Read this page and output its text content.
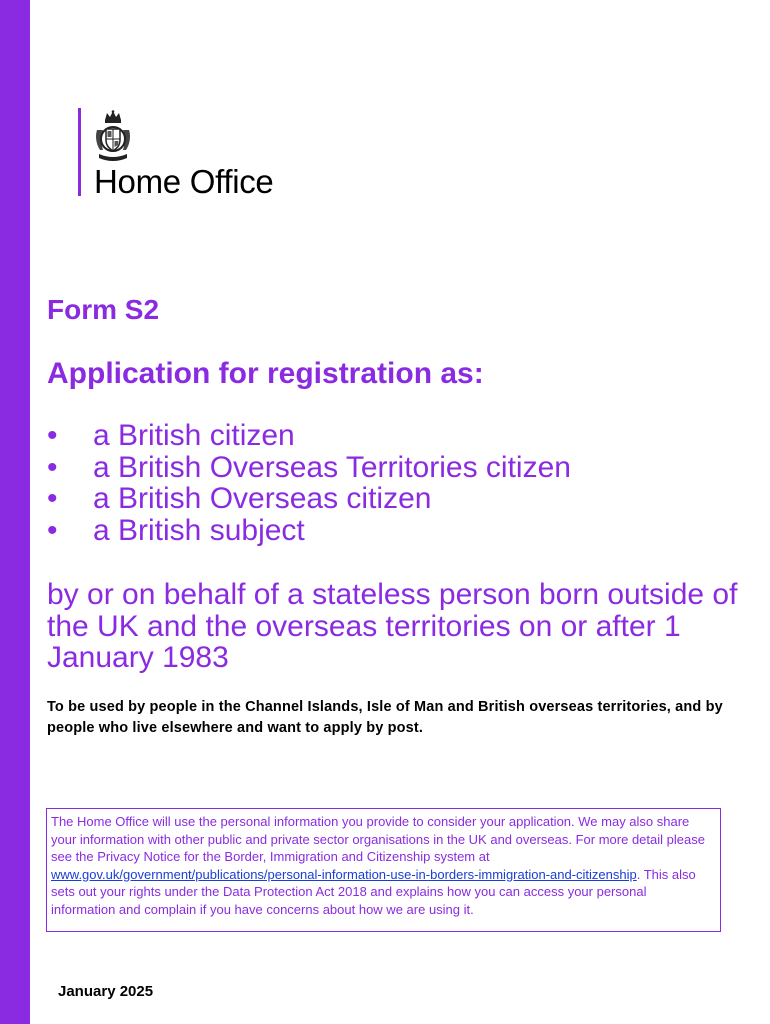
Home Office
Form S2
Application for registration as:
• a British citizen
• a British Overseas Territories citizen
• a British Overseas citizen
• a British subject

by or on behalf of a stateless person born outside of the UK and the overseas territories on or after 1 January 1983

To be used by people in the Channel Islands, Isle of Man and British overseas territories, and by people who live elsewhere and want to apply by post.

The Home Office will use the personal information you provide to consider your application. We may also share your information with other public and private sector organisations in the UK and overseas. For more detail please see the Privacy Notice for the Border, Immigration and Citizenship system at www.gov.uk/government/publications/personal-information-use-in-borders-immigration-and-citizenship. This also sets out your rights under the Data Protection Act 2018 and explains how you can access your personal information and complain if you have concerns about how we are using it.

January 2025
